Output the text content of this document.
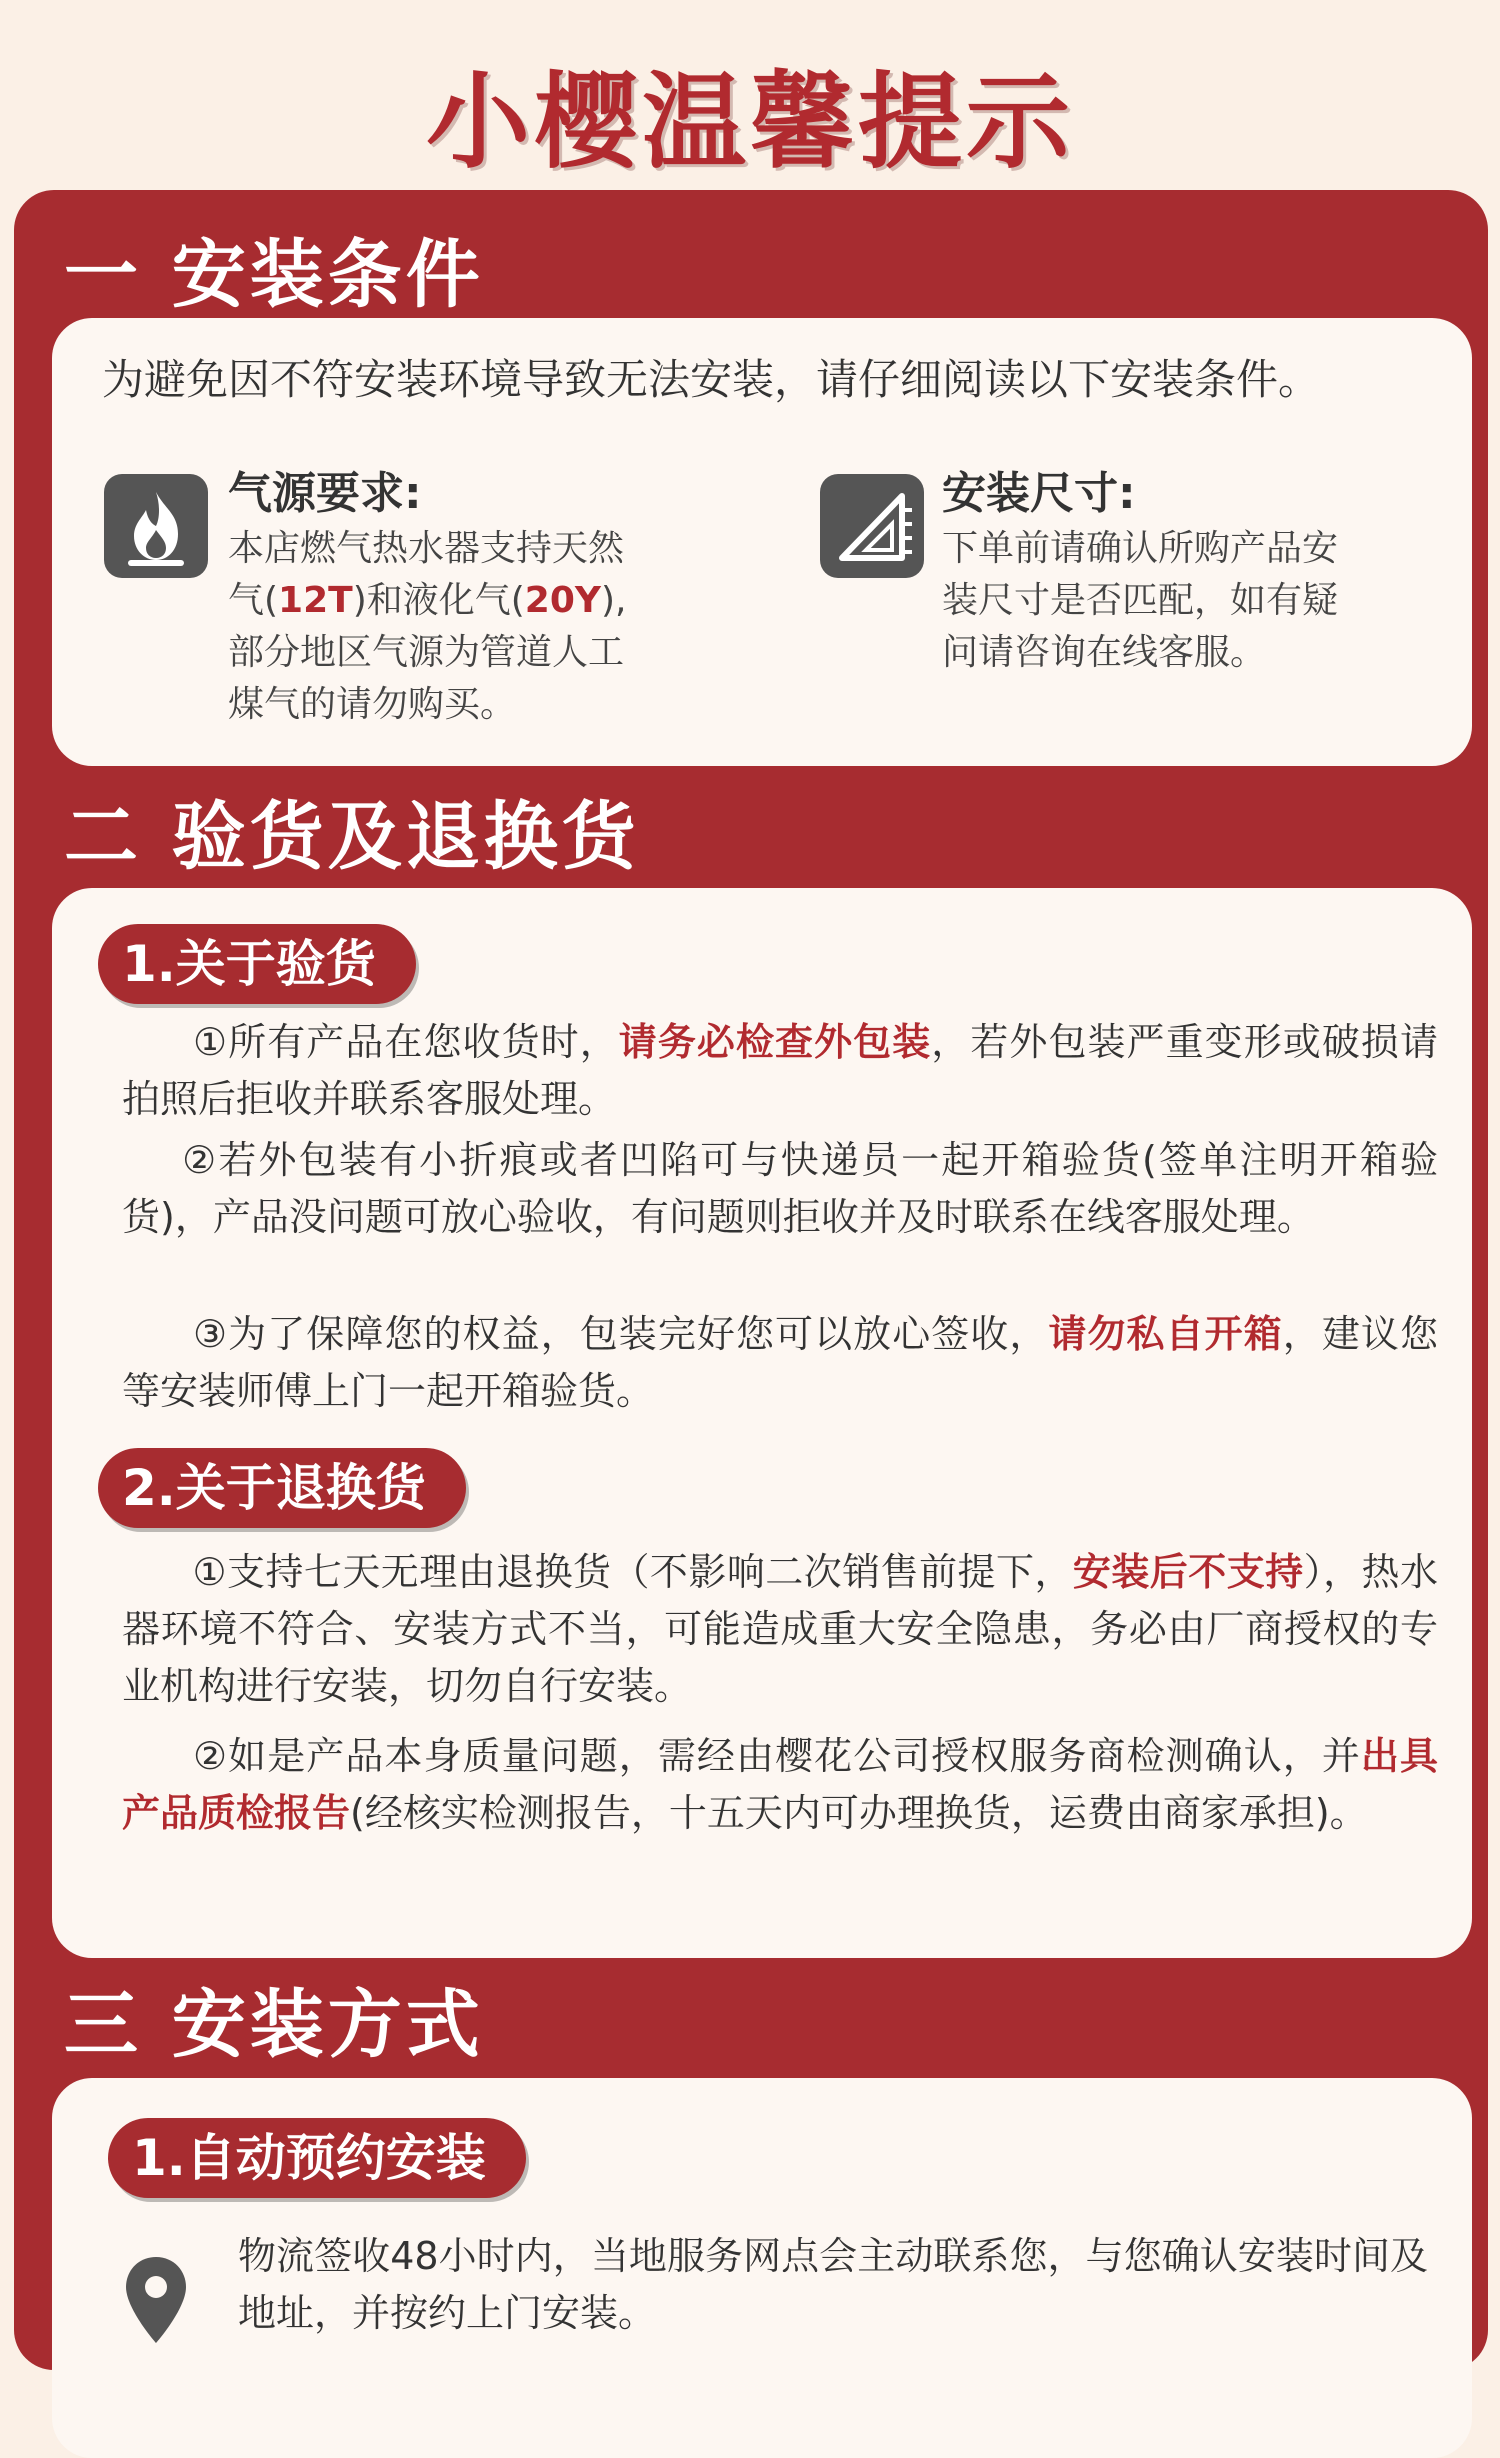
小樱温馨提示
一 安装条件
为避免因不符安装环境导致无法安装，请仔细阅读以下安装条件。
气源要求:
本店燃气热水器支持天然
气(12T)和液化气(20Y),
部分地区气源为管道人工
煤气的请勿购买。
安装尺寸:
下单前请确认所购产品安
装尺寸是否匹配，如有疑
问请咨询在线客服。
二 验货及退换货
1.关于验货
①所有产品在您收货时，请务必检查外包装，若外包装严重变形或破损请拍照后拒收并联系客服处理。
②若外包装有小折痕或者凹陷可与快递员一起开箱验货(签单注明开箱验货)，产品没问题可放心验收，有问题则拒收并及时联系在线客服处理。
③为了保障您的权益，包装完好您可以放心签收，请勿私自开箱，建议您等安装师傅上门一起开箱验货。
2.关于退换货
①支持七天无理由退换货（不影响二次销售前提下，安装后不支持），热水器环境不符合、安装方式不当，可能造成重大安全隐患，务必由厂商授权的专业机构进行安装，切勿自行安装。
②如是产品本身质量问题，需经由樱花公司授权服务商检测确认，并出具产品质检报告(经核实检测报告，十五天内可办理换货，运费由商家承担)。
三 安装方式
1.自动预约安装
物流签收48小时内，当地服务网点会主动联系您，与您确认安装时间及地址，并按约上门安装。
